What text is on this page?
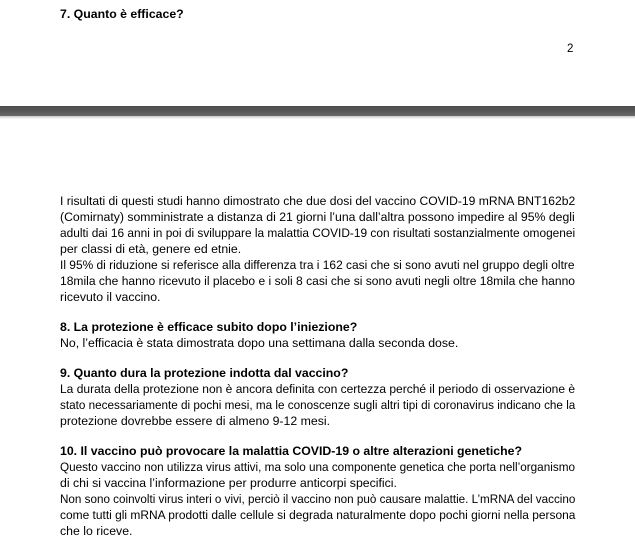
7. Quanto è efficace?
2

I risultati di questi studi hanno dimostrato che due dosi del vaccino COVID-19 mRNA BNT162b2

(Comirnaty) somministrate a distanza di 21 giorni l’una dall’altra possono impedire al 95% degli

adulti dai 16 anni in poi di sviluppare la malattia COVID-19 con risultati sostanzialmente omogenei

per classi di età, genere ed etnie.

Il 95% di riduzione si referisce alla differenza tra i 162 casi che si sono avuti nel gruppo degli oltre

18mila che hanno ricevuto il placebo e i soli 8 casi che si sono avuti negli oltre 18mila che hanno

ricevuto il vaccino.

8. La protezione è efficace subito dopo l’iniezione?

No, l’efficacia è stata dimostrata dopo una settimana dalla seconda dose.

9. Quanto dura la protezione indotta dal vaccino?

La durata della protezione non è ancora definita con certezza perché il periodo di osservazione è

stato necessariamente di pochi mesi, ma le conoscenze sugli altri tipi di coronavirus indicano che la

protezione dovrebbe essere di almeno 9-12 mesi.

10. Il vaccino può provocare la malattia COVID-19 o altre alterazioni genetiche?

Questo vaccino non utilizza virus attivi, ma solo una componente genetica che porta nell’organismo

di chi si vaccina l’informazione per produrre anticorpi specifici.

Non sono coinvolti virus interi o vivi, perciò il vaccino non può causare malattie. L’mRNA del vaccino

come tutti gli mRNA prodotti dalle cellule si degrada naturalmente dopo pochi giorni nella persona

che lo riceve.
